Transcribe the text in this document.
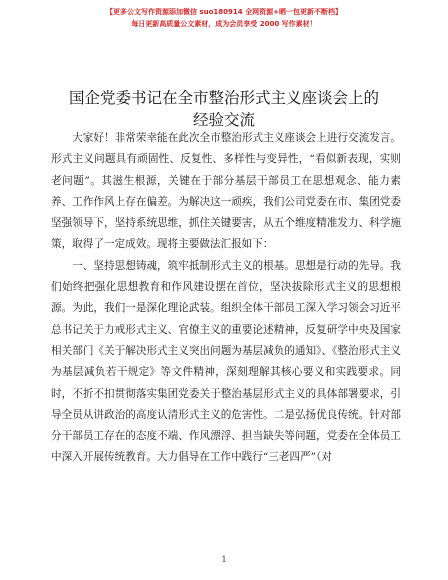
【更多公文写作资源添加微信 suo180914 全网资源+晒一包更新不断档】
每日更新高质量公文素材，成为会员享受 2000 写作素材！
国企党委书记在全市整治形式主义座谈会上的
经验交流

大家好！非常荣幸能在此次全市整治形式主义座谈会上进行交流发言。形式主义问题具有顽固性、反复性、多样性与变异性，“看似新表现，实则老问题”。其滋生根源，关键在于部分基层干部员工在思想观念、能力素养、工作作风上存在偏差。为解决这一顽疾，我们公司党委在市、集团党委坚强领导下，坚持系统思维，抓住关键要害，从五个维度精准发力、科学施策，取得了一定成效。现将主要做法汇报如下：

一、坚持思想铸魂，筑牢抵制形式主义的根基。思想是行动的先导。我们始终把强化思想教育和作风建设摆在首位，坚决拔除形式主义的思想根源。为此，我们一是深化理论武装。组织全体干部员工深入学习领会习近平总书记关于力戒形式主义、官僚主义的重要论述精神，反复研学中央及国家相关部门《关于解决形式主义突出问题为基层减负的通知》、《整治形式主义为基层减负若干规定》等文件精神，深刻理解其核心要义和实践要求。同时，不折不扣贯彻落实集团党委关于整治基层形式主义的具体部署要求，引导全员从讲政治的高度认清形式主义的危害性。二是弘扬优良传统。针对部分干部员工存在的态度不端、作风漂浮、担当缺失等问题，党委在全体员工中深入开展传统教育。大力倡导在工作中践行“三老四严”（对

1
